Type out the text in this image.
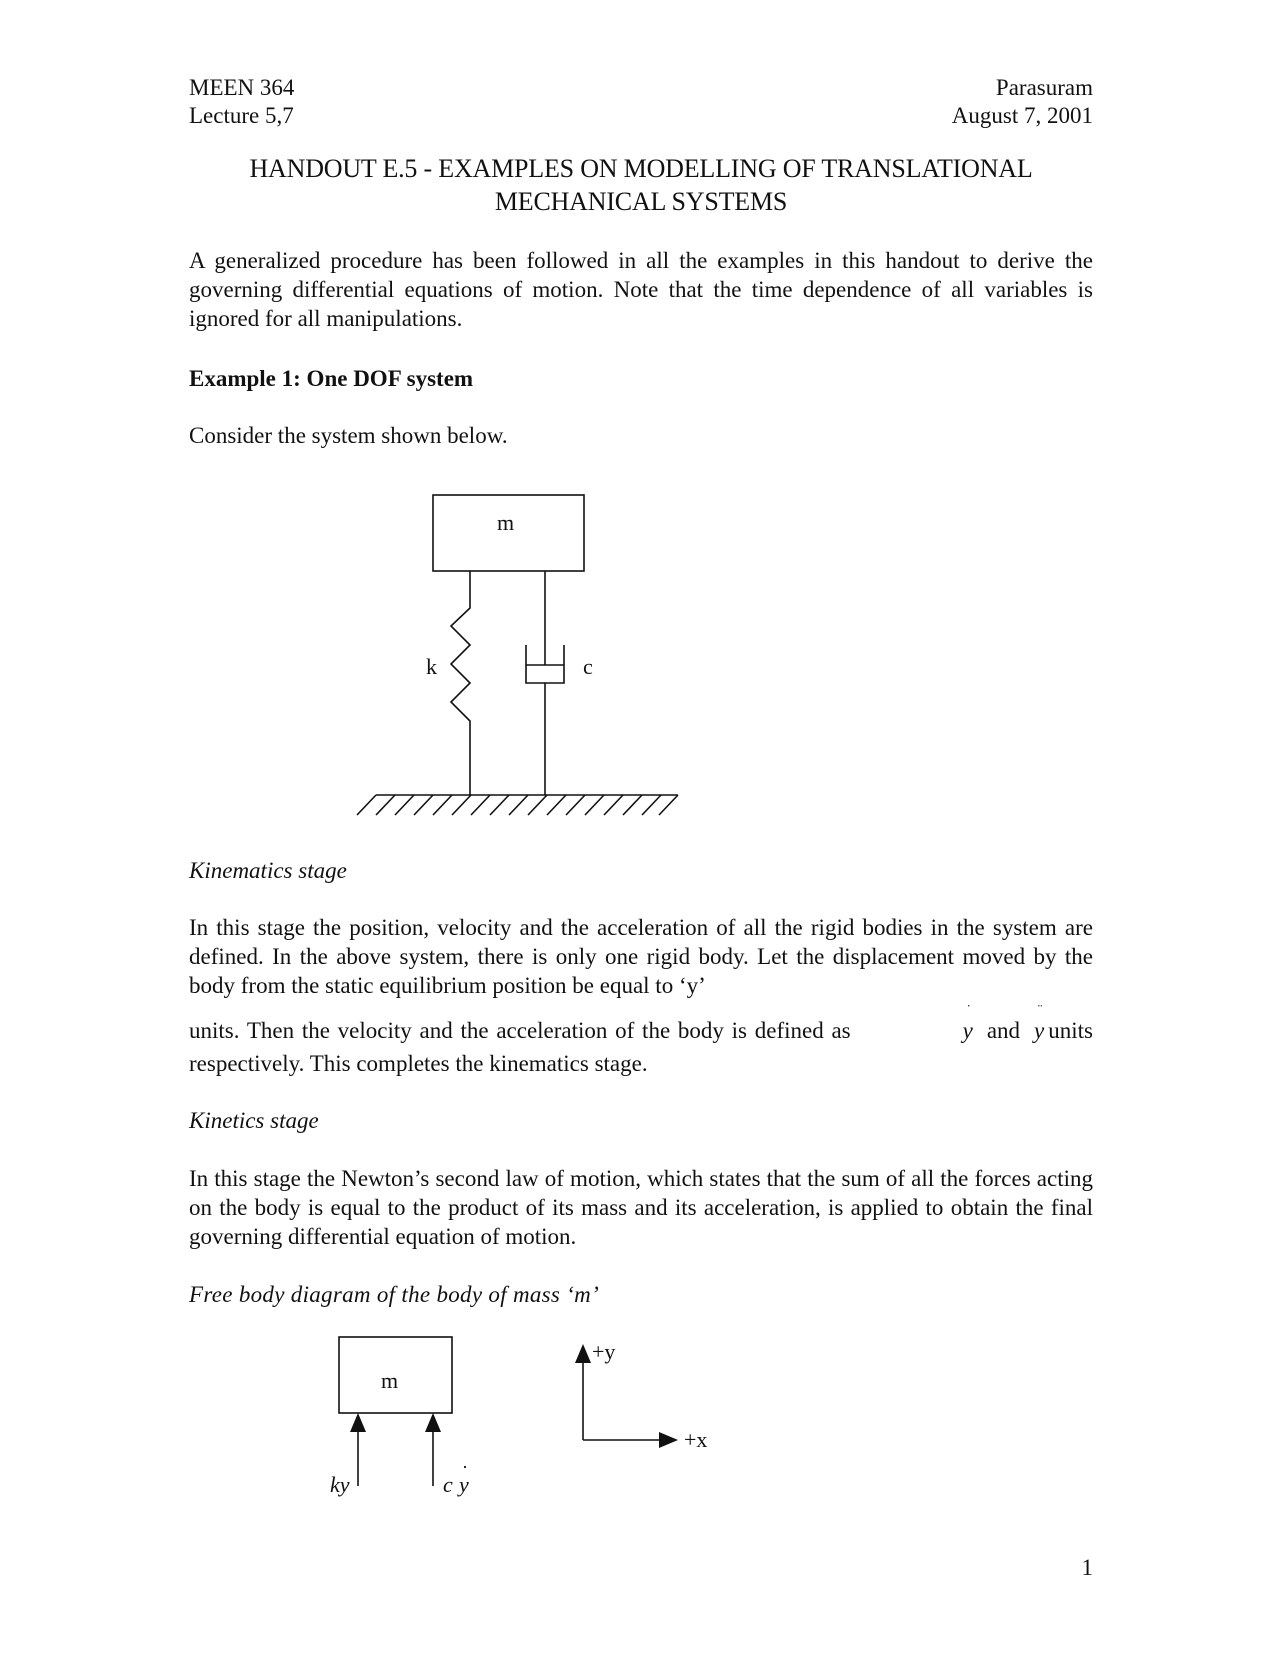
MEEN 364
Lecture 5,7
Parasuram
August 7, 2001
HANDOUT E.5 - EXAMPLES ON MODELLING OF TRANSLATIONAL
MECHANICAL SYSTEMS
A generalized procedure has been followed in all the examples in this handout to derive the governing differential equations of motion. Note that the time dependence of all variables is ignored for all manipulations.
Example 1: One DOF system
Consider the system shown below.
m
k	c
m
ky	c y
+y
+x
Kinematics stage
In this stage the position, velocity and the acceleration of all the rigid bodies in the system are defined. In the above system, there is only one rigid body. Let the displacement moved by the body from the static equilibrium position be equal to ‘y’
units. Then the velocity and the acceleration of the body is defined as	y
˙
and y
¨
units
respectively. This completes the kinematics stage.
Kinetics stage
In this stage the Newton’s second law of motion, which states that the sum of all the forces acting on the body is equal to the product of its mass and its acceleration, is applied to obtain the final governing differential equation of motion.
Free body diagram of the body of mass ‘m’
1
